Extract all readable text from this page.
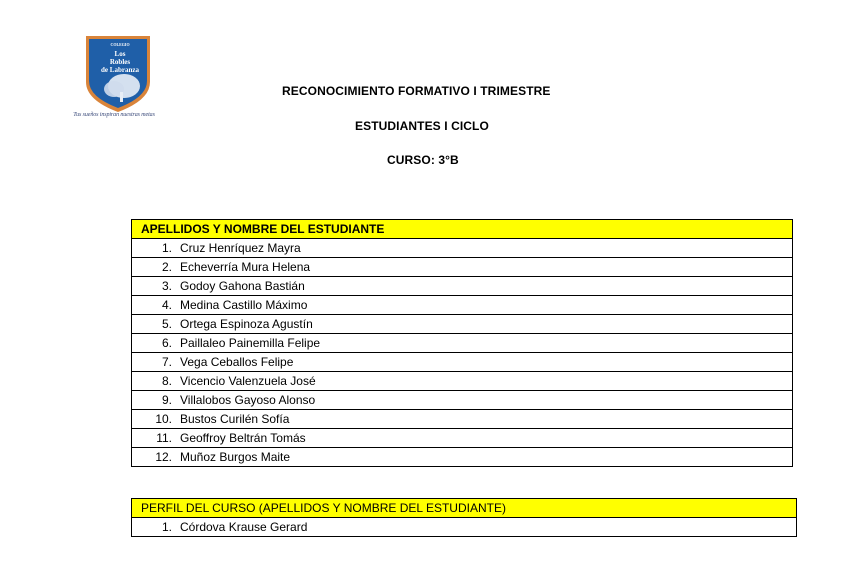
COLEGIO
Los
Robles
de Labranza
Tus sueños inspiran nuestras metas
RECONOCIMIENTO FORMATIVO I TRIMESTRE
ESTUDIANTES I CICLO
CURSO: 3°B
APELLIDOS Y NOMBRE DEL ESTUDIANTE
1. Cruz Henríquez Mayra
2. Echeverría Mura Helena
3. Godoy Gahona Bastián
4. Medina Castillo Máximo
5. Ortega Espinoza Agustín
6. Paillaleo Painemilla Felipe
7. Vega Ceballos Felipe
8. Vicencio Valenzuela José
9. Villalobos Gayoso Alonso
10. Bustos Curilén Sofía
11. Geoffroy Beltrán Tomás
12. Muñoz Burgos Maite
PERFIL DEL CURSO (APELLIDOS Y NOMBRE DEL ESTUDIANTE)
1. Córdova Krause Gerard
